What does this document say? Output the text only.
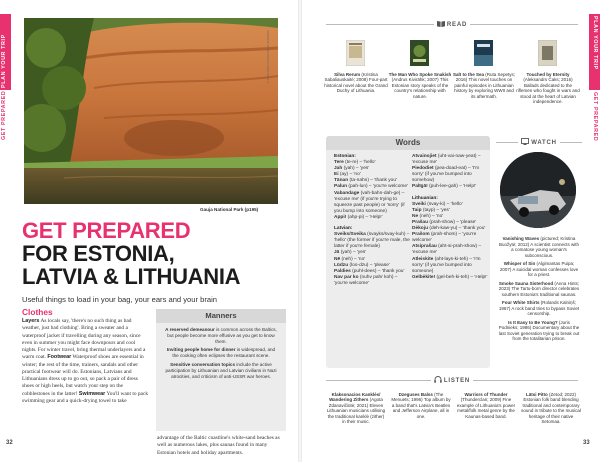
PLAN YOUR TRIP
GET PREPARED
SPECIFIC ARTIST/SHUTTERSTOCK ©
Gauja National Park (p195)
GET PREPARED
FOR ESTONIA,
LATVIA & LITHUANIA
Useful things to load in your bag, your ears and your brain
Clothes
Layers As locals say, 'there's no such thing as bad weather, just bad clothing'. Bring a sweater and a waterproof jacket if travelling during any season, since even in summer you might face downpours and cool nights. For winter travel, bring thermal underlayers and a warm coat. Footwear Waterproof shoes are essential in winter; the rest of the time, trainers, sandals and other practical footwear will do. Estonians, Latvians and Lithuanians dress up to go out, so pack a pair of dress shoes or high heels, but watch your step on the cobblestones in the latter! Swimwear You'll want to pack swimming gear and a quick-drying towel to take
advantage of the Baltic coastline's white-sand beaches as well as numerous lakes, plus saunas found in many Estonian hotels and holiday apartments.
Manners

A reserved demeanour is common across the Baltics, but people become more effusive as you get to know them.

Inviting people home for dinner is widespread, and the cooking often eclipses the restaurant scene.

Sensitive conversation topics include the active participation by Lithuanian and Latvian civilians in Nazi atrocities, and criticism of anti-USSR war heroes.

32
PLAN YOUR TRIP
GET PREPARED
READ
Silva Rerum (Kristina Sabaliauskaitė; 2008) Four-part historical novel about the Grand Duchy of Lithuania.
The Man Who Spoke Snakish (Andrus Kivirähk; 2007) This Estonian story speaks of the country's relationship with nature.
Salt to the Sea (Ruta Sepetys; 2016) This novel touches on painful episodes in Lithuanian history by exploring WWII and its aftermath.
Touched by Eternity (Aleksandrs Čaks; 2016) Ballads dedicated to the riflemen who fought in wars and stood at the heart of Latvian independence.
Words
Estonian:
Tere (te-re) – 'hello'
Jah (yah) – 'yes'
Ei (ay) – 'no'
Tänan (ta-nahn) – 'thank you'
Palun (pah-lun) – 'you're welcome'
Vabandage (vah-bahn-dah-ge) – 'excuse me' (if you're trying to squeeze past people) or 'sorry' (if you bump into someone)
Appi! (ahp-pi) – 'Help!'
Latvian:
Sveiks/Sveika (svayks/svay-kuh) – 'hello' (the former if you're male, the latter if you're female)
Jā (yah) – 'yes'
Nē (neh) – 'no'
Lūdzu (loo-dzu) – 'please'
Paldies (puhl-dees) – 'thank you'
Nav par ko (nuhv pahr koh) – 'you're welcome'
Atvainojiet (uht-vai-naw-yeat) – 'excuse me'
Piedodiet (pea-doad-eat) – 'I'm sorry' (if you've bumped into somehow)
Palīgā! (puh-lee-gah) – 'Help!'
Lithuanian:
Sveiki (svay-ki) – 'hello'
Taip (tayp) – 'yes'
Ne (neh) – 'no'
Prašau (prah-show) – 'please'
Dėkoju (deh-kaw-yu) – 'thank you'
Prašom (prah-shom) – 'you're welcome'
Atsiprašau (aht-si-prah-show) – 'excuse me'
Atleiskite (aht-lays-ki-teh) – 'I'm sorry' (if you've bumped into someone)
Gelbėkite! (gel-beh-ki-teh) – 'Help!'
WATCH

Vanishing Waves (pictured; Kristina Buožytė; 2012) A scientist connects with a comatose young woman's subconscious.

Whisper of Sin (Algimantas Puipa; 2007) A suicidal woman confesses love for a priest.

Smoke Sauna Sisterhood (Anna Hints; 2023) The Tartu-born director celebrates southern Estonia's traditional saunas.

Four White Shirts (Rolands Kalniņš; 1967) A rock band tries to bypass Soviet censorship.

Is It Easy to Be Young? (Juris Podnieks; 1986) Documentary about the last Soviet generation trying to break out from the totalitarian prison.

LISTEN
Klaksonacios Kanklės/ Wandering Zithers (Agota Zdanavičiūtė; 2021) Eleven Lithuanian musicians utilising the traditional kanklė (zither) in their music.
Dzeguses Balss (The Menuets; 1996) Top album by a band that's Latvia's Beatles and Jefferson Airplane, all in one.
Warriors of Thunder (Thunderclan; 2009) Fine example of Lithuania's power metal/folk metal genre by the Kaunas-based band.
Lätsi Pitto (Zetod; 2022) Estonian folk band blending traditional and contemporary sound in tribute to the musical heritage of their native Setomaa.
33
